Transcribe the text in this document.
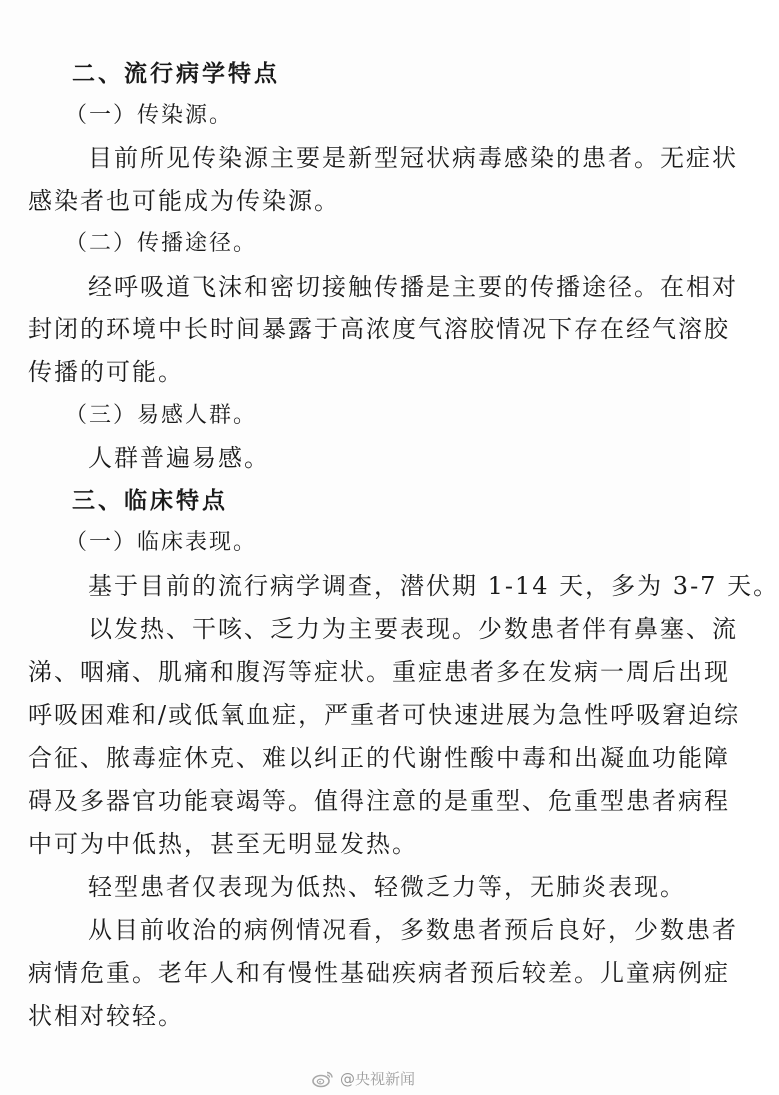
二、流行病学特点
（一）传染源。
目前所见传染源主要是新型冠状病毒感染的患者。无症状
感染者也可能成为传染源。
（二）传播途径。
经呼吸道飞沫和密切接触传播是主要的传播途径。在相对
封闭的环境中长时间暴露于高浓度气溶胶情况下存在经气溶胶
传播的可能。
（三）易感人群。
人群普遍易感。
三、临床特点
（一）临床表现。
基于目前的流行病学调查，潜伏期 1-14 天，多为 3-7 天。
以发热、干咳、乏力为主要表现。少数患者伴有鼻塞、流
涕、咽痛、肌痛和腹泻等症状。重症患者多在发病一周后出现
呼吸困难和/或低氧血症，严重者可快速进展为急性呼吸窘迫综
合征、脓毒症休克、难以纠正的代谢性酸中毒和出凝血功能障
碍及多器官功能衰竭等。值得注意的是重型、危重型患者病程
中可为中低热，甚至无明显发热。
轻型患者仅表现为低热、轻微乏力等，无肺炎表现。
从目前收治的病例情况看，多数患者预后良好，少数患者
病情危重。老年人和有慢性基础疾病者预后较差。儿童病例症
状相对较轻。
@央视新闻
